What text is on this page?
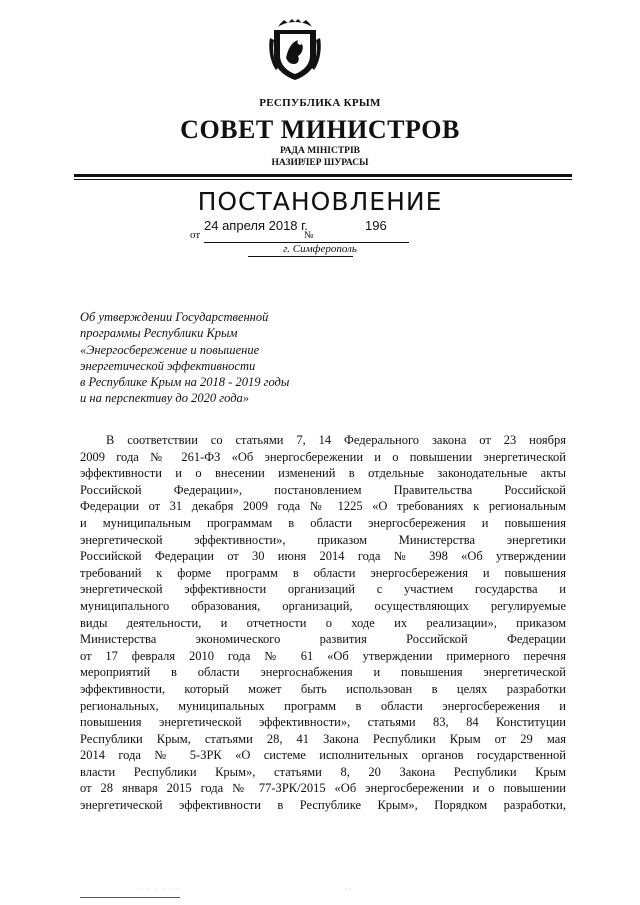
РЕСПУБЛИКА КРЫМ
СОВЕТ МИНИСТРОВ
РАДА МІНІСТРІВ
НАЗИРЛЕР ШУРАСЫ
ПОСТАНОВЛЕНИЕ
24 апреля 2018 г.	196
от	№
г. Симферополь
Об утверждении Государственной
программы Республики Крым
«Энергосбережение и повышение
энергетической эффективности
в Республике Крым на 2018 - 2019 годы
и на перспективу до 2020 года»
В соответствии со статьями 7, 14 Федерального закона от 23 ноября
2009 года № 261-ФЗ «Об энергосбережении и о повышении энергетической
эффективности и о внесении изменений в отдельные законодательные акты
Российской Федерации», постановлением Правительства Российской
Федерации от 31 декабря 2009 года № 1225 «О требованиях к региональным
и муниципальным программам в области энергосбережения и повышения
энергетической эффективности», приказом Министерства энергетики
Российской Федерации от 30 июня 2014 года № 398 «Об утверждении
требований к форме программ в области энергосбережения и повышения
энергетической эффективности организаций с участием государства и
муниципального образования, организаций, осуществляющих регулируемые
виды деятельности, и отчетности о ходе их реализации», приказом
Министерства экономического развития Российской Федерации
от 17 февраля 2010 года № 61 «Об утверждении примерного перечня
мероприятий в области энергоснабжения и повышения энергетической
эффективности, который может быть использован в целях разработки
региональных, муниципальных программ в области энергосбережения и
повышения энергетической эффективности», статьями 83, 84 Конституции
Республики Крым, статьями 28, 41 Закона Республики Крым от 29 мая
2014 года № 5-ЗРК «О системе исполнительных органов государственной
власти Республики Крым», статьями 8, 20 Закона Республики Крым
от 28 января 2015 года № 77-ЗРК/2015 «Об энергосбережении и о повышении
энергетической эффективности в Республике Крым», Порядком разработки,
· · · · · ·	· ·
